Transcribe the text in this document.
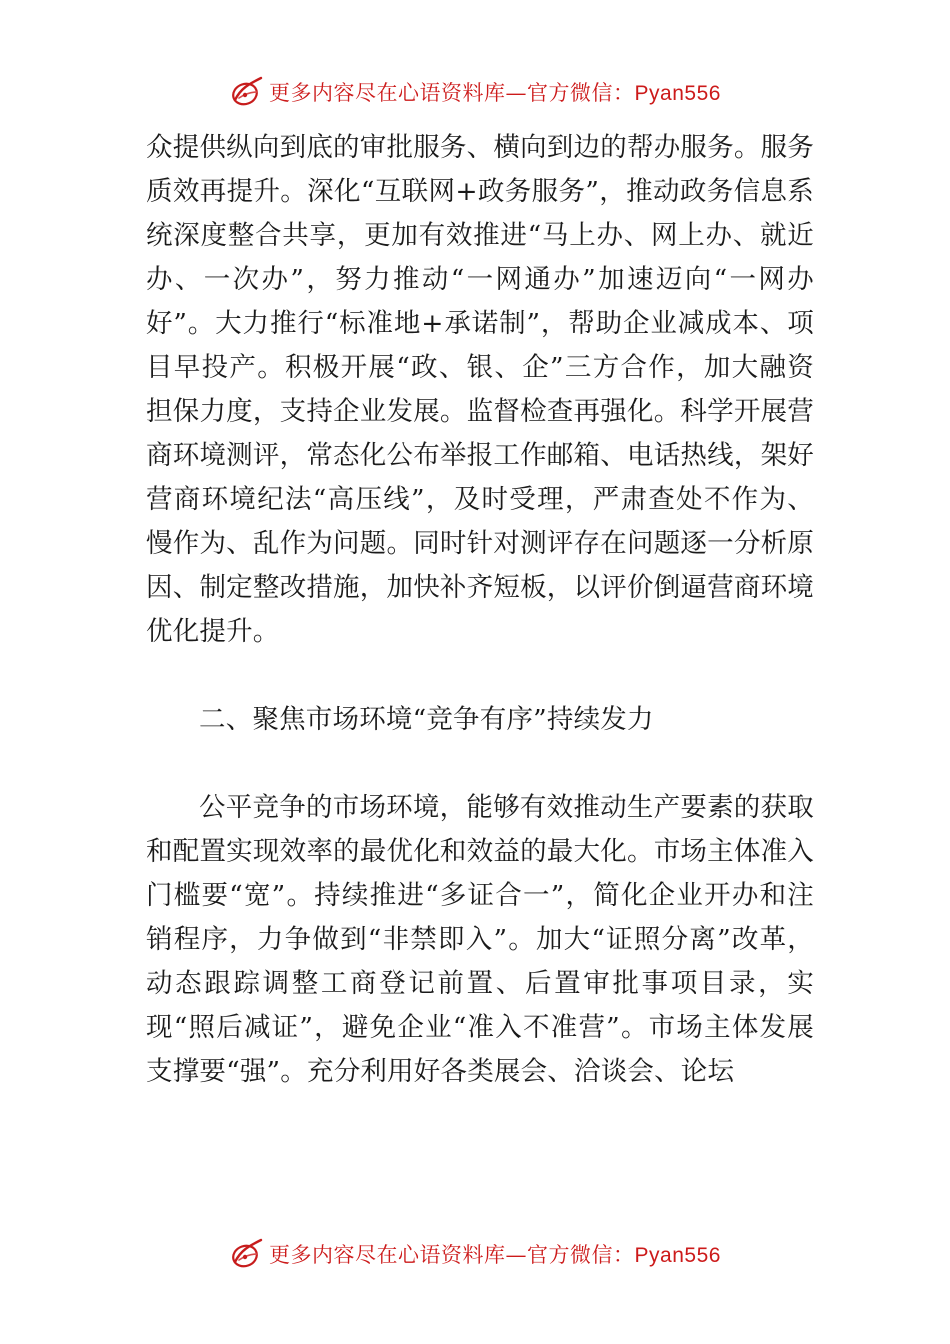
更多内容尽在心语资料库—官方微信：Pyan556

众提供纵向到底的审批服务、横向到边的帮办服务。服务质效再提升。深化“互联网+政务服务”，推动政务信息系统深度整合共享，更加有效推进“马上办、网上办、就近办、一次办”，努力推动“一网通办”加速迈向“一网办好”。大力推行“标准地+承诺制”，帮助企业减成本、项目早投产。积极开展“政、银、企”三方合作，加大融资担保力度，支持企业发展。监督检查再强化。科学开展营商环境测评，常态化公布举报工作邮箱、电话热线，架好营商环境纪法“高压线”，及时受理，严肃查处不作为、慢作为、乱作为问题。同时针对测评存在问题逐一分析原因、制定整改措施，加快补齐短板，以评价倒逼营商环境优化提升。

二、聚焦市场环境“竞争有序”持续发力

公平竞争的市场环境，能够有效推动生产要素的获取和配置实现效率的最优化和效益的最大化。市场主体准入门槛要“宽”。持续推进“多证合一”，简化企业开办和注销程序，力争做到“非禁即入”。加大“证照分离”改革，动态跟踪调整工商登记前置、后置审批事项目录，实现“照后减证”，避免企业“准入不准营”。市场主体发展支撑要“强”。充分利用好各类展会、洽谈会、论坛

更多内容尽在心语资料库—官方微信：Pyan556
